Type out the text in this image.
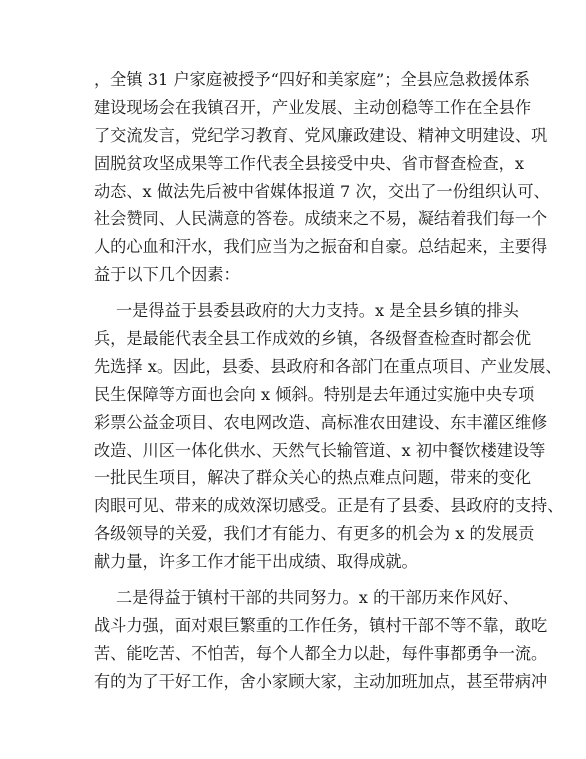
，全镇 31 户家庭被授予“四好和美家庭”；全县应急救援体系
建设现场会在我镇召开，产业发展、主动创稳等工作在全县作
了交流发言，党纪学习教育、党风廉政建设、精神文明建设、巩
固脱贫攻坚成果等工作代表全县接受中央、省市督查检查，x
动态、x 做法先后被中省媒体报道 7 次，交出了一份组织认可、
社会赞同、人民满意的答卷。成绩来之不易，凝结着我们每一个
人的心血和汗水，我们应当为之振奋和自豪。总结起来，主要得
益于以下几个因素：
一是得益于县委县政府的大力支持。x 是全县乡镇的排头
兵，是最能代表全县工作成效的乡镇，各级督查检查时都会优
先选择 x。因此，县委、县政府和各部门在重点项目、产业发展、
民生保障等方面也会向 x 倾斜。特别是去年通过实施中央专项
彩票公益金项目、农电网改造、高标准农田建设、东丰灌区维修
改造、川区一体化供水、天然气长输管道、x 初中餐饮楼建设等
一批民生项目，解决了群众关心的热点难点问题，带来的变化
肉眼可见、带来的成效深切感受。正是有了县委、县政府的支持、
各级领导的关爱，我们才有能力、有更多的机会为 x 的发展贡
献力量，许多工作才能干出成绩、取得成就。
二是得益于镇村干部的共同努力。x 的干部历来作风好、
战斗力强，面对艰巨繁重的工作任务，镇村干部不等不靠，敢吃
苦、能吃苦、不怕苦，每个人都全力以赴，每件事都勇争一流。
有的为了干好工作，舍小家顾大家，主动加班加点，甚至带病冲
